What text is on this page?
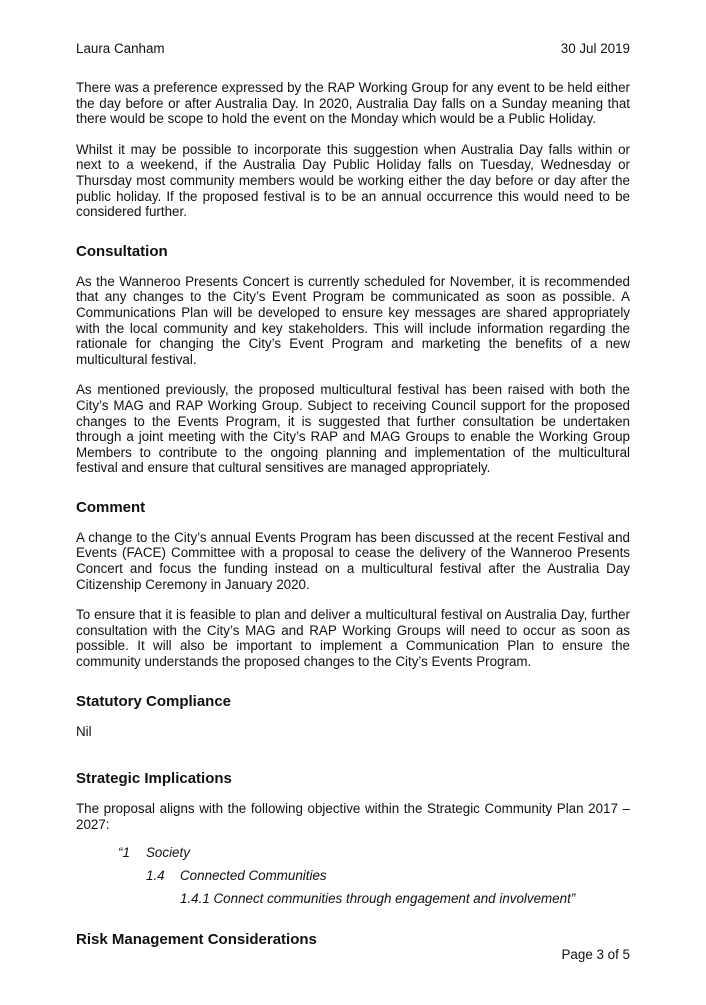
Laura Canham	30 Jul 2019

There was a preference expressed by the RAP Working Group for any event to be held either the day before or after Australia Day. In 2020, Australia Day falls on a Sunday meaning that there would be scope to hold the event on the Monday which would be a Public Holiday.

Whilst it may be possible to incorporate this suggestion when Australia Day falls within or next to a weekend, if the Australia Day Public Holiday falls on Tuesday, Wednesday or Thursday most community members would be working either the day before or day after the public holiday. If the proposed festival is to be an annual occurrence this would need to be considered further.

Consultation

As the Wanneroo Presents Concert is currently scheduled for November, it is recommended that any changes to the City’s Event Program be communicated as soon as possible. A Communications Plan will be developed to ensure key messages are shared appropriately with the local community and key stakeholders. This will include information regarding the rationale for changing the City’s Event Program and marketing the benefits of a new multicultural festival.

As mentioned previously, the proposed multicultural festival has been raised with both the City’s MAG and RAP Working Group. Subject to receiving Council support for the proposed changes to the Events Program, it is suggested that further consultation be undertaken through a joint meeting with the City’s RAP and MAG Groups to enable the Working Group Members to contribute to the ongoing planning and implementation of the multicultural festival and ensure that cultural sensitives are managed appropriately.

Comment

A change to the City’s annual Events Program has been discussed at the recent Festival and Events (FACE) Committee with a proposal to cease the delivery of the Wanneroo Presents Concert and focus the funding instead on a multicultural festival after the Australia Day Citizenship Ceremony in January 2020.

To ensure that it is feasible to plan and deliver a multicultural festival on Australia Day, further consultation with the City’s MAG and RAP Working Groups will need to occur as soon as possible. It will also be important to implement a Communication Plan to ensure the community understands the proposed changes to the City’s Events Program.

Statutory Compliance

Nil

Strategic Implications

The proposal aligns with the following objective within the Strategic Community Plan 2017 – 2027:

“1	Society
1.4	Connected Communities
1.4.1 Connect communities through engagement and involvement”
Risk Management Considerations
Page 3 of 5
